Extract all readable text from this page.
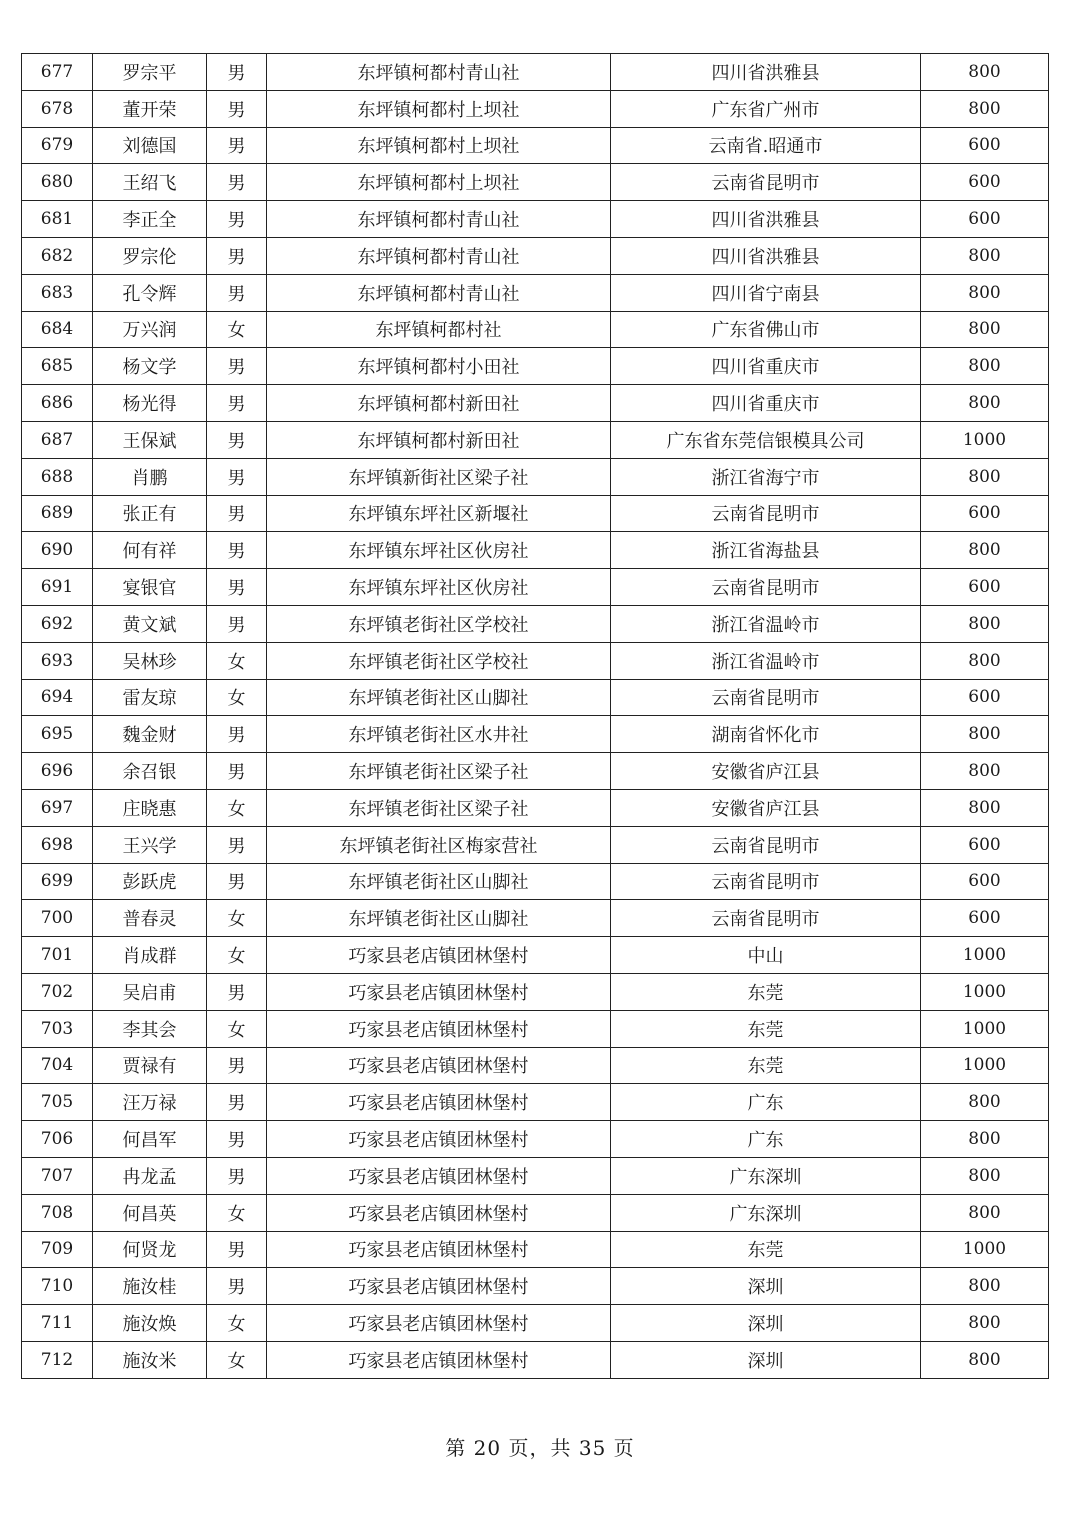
677	罗宗平	男	东坪镇柯都村青山社	四川省洪雅县	800
678	董开荣	男	东坪镇柯都村上坝社	广东省广州市	800
679	刘德国	男	东坪镇柯都村上坝社	云南省.昭通市	600
680	王绍飞	男	东坪镇柯都村上坝社	云南省昆明市	600
681	李正全	男	东坪镇柯都村青山社	四川省洪雅县	600
682	罗宗伦	男	东坪镇柯都村青山社	四川省洪雅县	800
683	孔令辉	男	东坪镇柯都村青山社	四川省宁南县	800
684	万兴润	女	东坪镇柯都村社	广东省佛山市	800
685	杨文学	男	东坪镇柯都村小田社	四川省重庆市	800
686	杨光得	男	东坪镇柯都村新田社	四川省重庆市	800
687	王保斌	男	东坪镇柯都村新田社	广东省东莞信银模具公司	1000
688	肖鹏	男	东坪镇新街社区梁子社	浙江省海宁市	800
689	张正有	男	东坪镇东坪社区新堰社	云南省昆明市	600
690	何有祥	男	东坪镇东坪社区伙房社	浙江省海盐县	800
691	宴银官	男	东坪镇东坪社区伙房社	云南省昆明市	600
692	黄文斌	男	东坪镇老街社区学校社	浙江省温岭市	800
693	吴林珍	女	东坪镇老街社区学校社	浙江省温岭市	800
694	雷友琼	女	东坪镇老街社区山脚社	云南省昆明市	600
695	魏金财	男	东坪镇老街社区水井社	湖南省怀化市	800
696	余召银	男	东坪镇老街社区梁子社	安徽省庐江县	800
697	庄晓惠	女	东坪镇老街社区梁子社	安徽省庐江县	800
698	王兴学	男	东坪镇老街社区梅家营社	云南省昆明市	600
699	彭跃虎	男	东坪镇老街社区山脚社	云南省昆明市	600
700	普春灵	女	东坪镇老街社区山脚社	云南省昆明市	600
701	肖成群	女	巧家县老店镇团林堡村	中山	1000
702	吴启甫	男	巧家县老店镇团林堡村	东莞	1000
703	李其会	女	巧家县老店镇团林堡村	东莞	1000
704	贾禄有	男	巧家县老店镇团林堡村	东莞	1000
705	汪万禄	男	巧家县老店镇团林堡村	广东	800
706	何昌军	男	巧家县老店镇团林堡村	广东	800
707	冉龙孟	男	巧家县老店镇团林堡村	广东深圳	800
708	何昌英	女	巧家县老店镇团林堡村	广东深圳	800
709	何贤龙	男	巧家县老店镇团林堡村	东莞	1000
710	施汝桂	男	巧家县老店镇团林堡村	深圳	800
711	施汝焕	女	巧家县老店镇团林堡村	深圳	800
712	施汝米	女	巧家县老店镇团林堡村	深圳	800
第 20 页，共 35 页
